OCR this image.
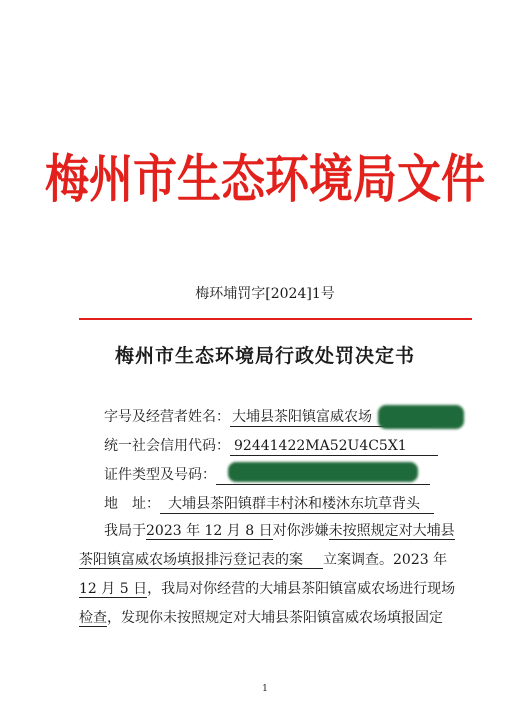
梅州市生态环境局文件
梅环埔罚字[2024]1号
梅州市生态环境局行政处罚决定书
字号及经营者姓名： 大埔县茶阳镇富威农场
统一社会信用代码： 92441422MA52U4C5X1
证件类型及号码：
地　址： 大埔县茶阳镇群丰村沐和楼沐东坑草背头
我局于2023 年 12 月 8 日对你涉嫌未按照规定对大埔县
茶阳镇富威农场填报排污登记表的案 立案调查。2023 年
12 月 5 日，我局对你经营的大埔县茶阳镇富威农场进行现场
检查，发现你未按照规定对大埔县茶阳镇富威农场填报固定
1
